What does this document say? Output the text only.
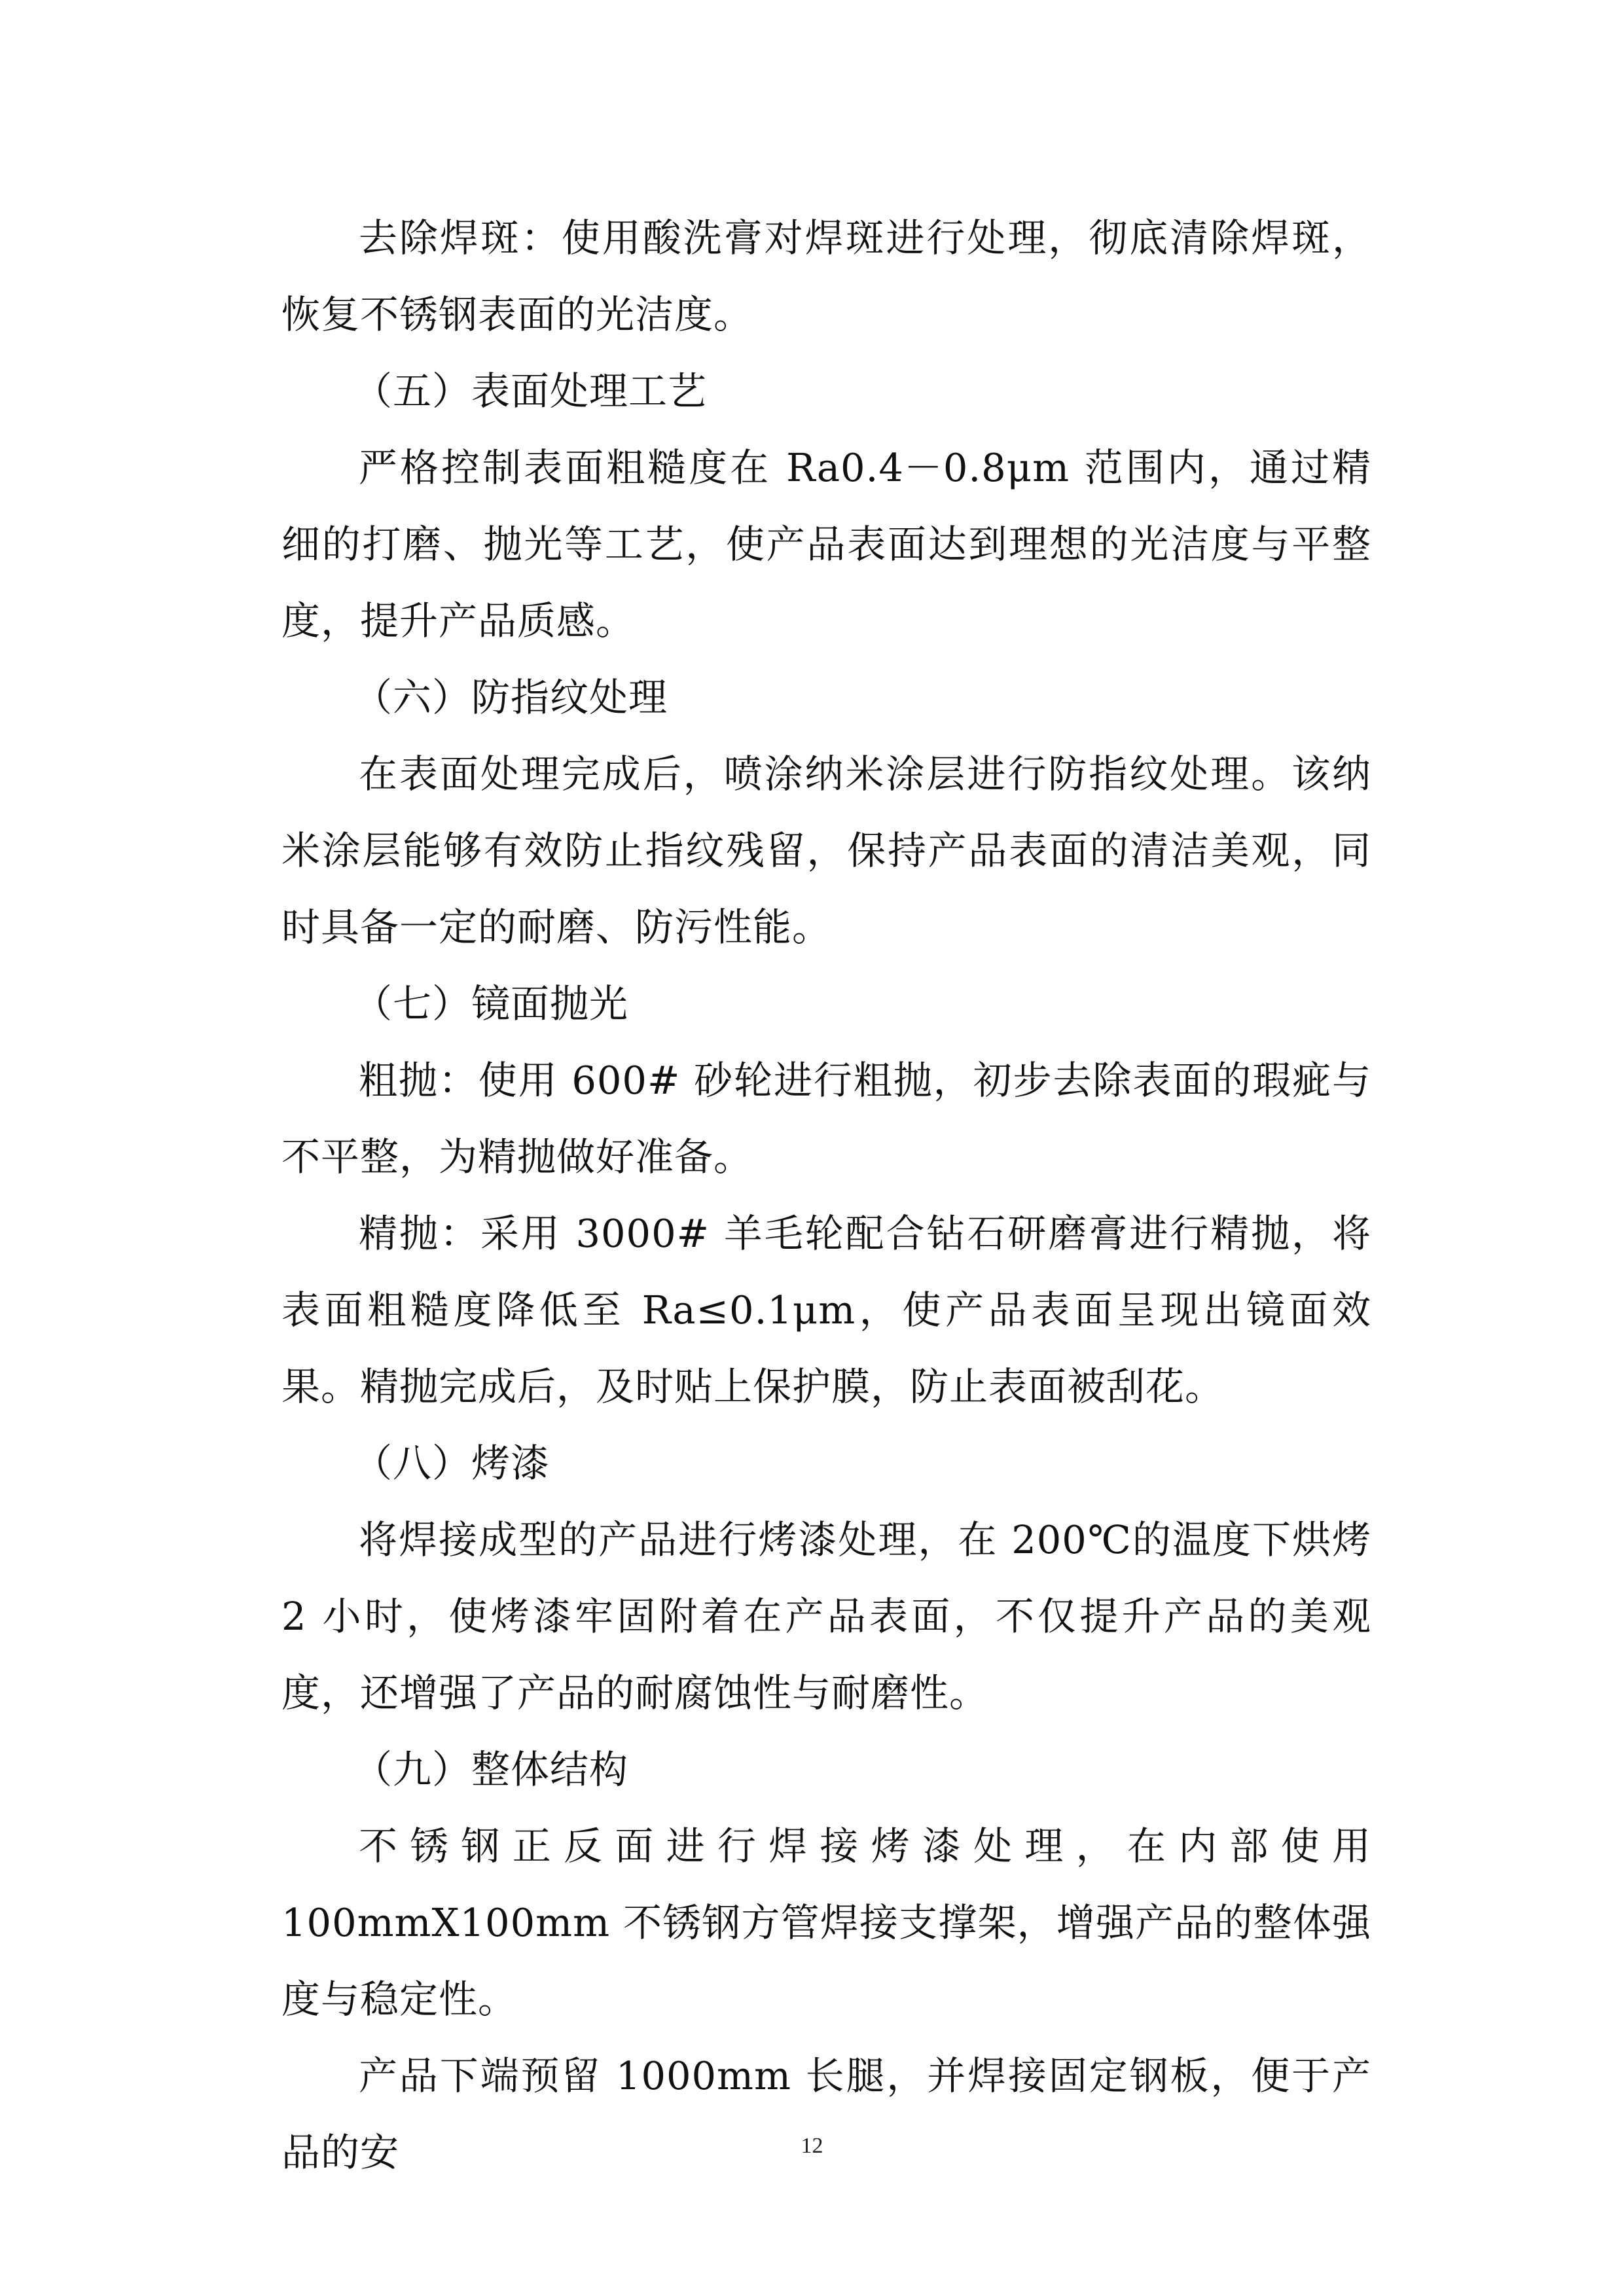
去除焊斑：使用酸洗膏对焊斑进行处理，彻底清除焊斑，恢复不锈钢表面的光洁度。

（五）表面处理工艺

严格控制表面粗糙度在 Ra0.4－0.8μm 范围内，通过精细的打磨、抛光等工艺，使产品表面达到理想的光洁度与平整度，提升产品质感。

（六）防指纹处理

在表面处理完成后，喷涂纳米涂层进行防指纹处理。该纳米涂层能够有效防止指纹残留，保持产品表面的清洁美观，同时具备一定的耐磨、防污性能。

（七）镜面抛光

粗抛：使用 600# 砂轮进行粗抛，初步去除表面的瑕疵与不平整，为精抛做好准备。

精抛：采用 3000# 羊毛轮配合钻石研磨膏进行精抛，将表面粗糙度降低至 Ra≤0.1μm，使产品表面呈现出镜面效果。精抛完成后，及时贴上保护膜，防止表面被刮花。

（八）烤漆

将焊接成型的产品进行烤漆处理，在 200℃的温度下烘烤 2 小时，使烤漆牢固附着在产品表面，不仅提升产品的美观度，还增强了产品的耐腐蚀性与耐磨性。

（九）整体结构

不锈钢正反面进行焊接烤漆处理，在内部使用 100mmX100mm 不锈钢方管焊接支撑架，增强产品的整体强度与稳定性。

产品下端预留 1000mm 长腿，并焊接固定钢板，便于产品的安	12
